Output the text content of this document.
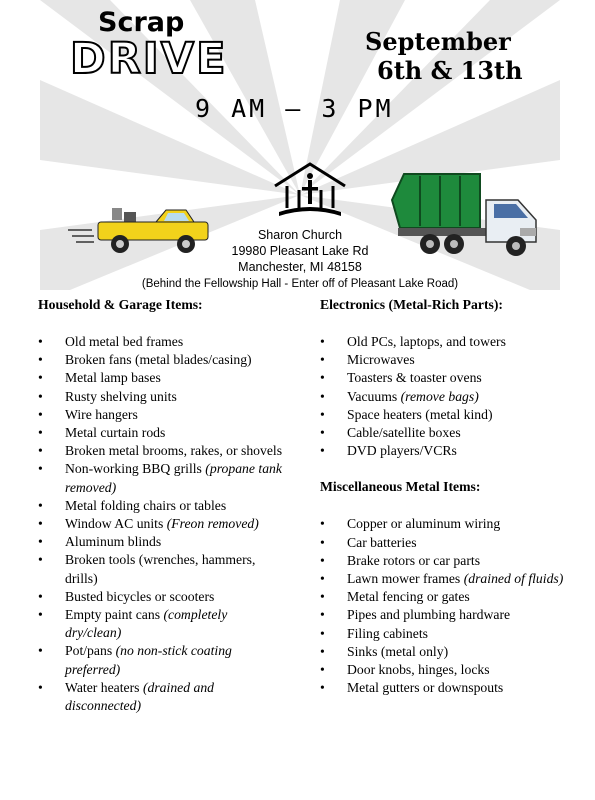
Scrap
DRIVE	September
6th & 13th
9 AM – 3 PM
Sharon Church
19980 Pleasant Lake Rd
Manchester, MI 48158
(Behind the Fellowship Hall - Enter off of Pleasant Lake Road)
Household & Garage Items:
• Old metal bed frames
• Broken fans (metal blades/casing)
• Metal lamp bases
• Rusty shelving units
• Wire hangers
• Metal curtain rods
• Broken metal brooms, rakes, or shovels
• Non-working BBQ grills (propane tank removed)
• Metal folding chairs or tables
• Window AC units (Freon removed)
• Aluminum blinds
• Broken tools (wrenches, hammers, drills)
• Busted bicycles or scooters
• Empty paint cans (completely dry/clean)
• Pot/pans (no non-stick coating preferred)
• Water heaters (drained and disconnected)
Electronics (Metal-Rich Parts):
• Old PCs, laptops, and towers
• Microwaves
• Toasters & toaster ovens
• Vacuums (remove bags)
• Space heaters (metal kind)
• Cable/satellite boxes
• DVD players/VCRs
Miscellaneous Metal Items:
• Copper or aluminum wiring
• Car batteries
• Brake rotors or car parts
• Lawn mower frames (drained of fluids)
• Metal fencing or gates
• Pipes and plumbing hardware
• Filing cabinets
• Sinks (metal only)
• Door knobs, hinges, locks
• Metal gutters or downspouts
